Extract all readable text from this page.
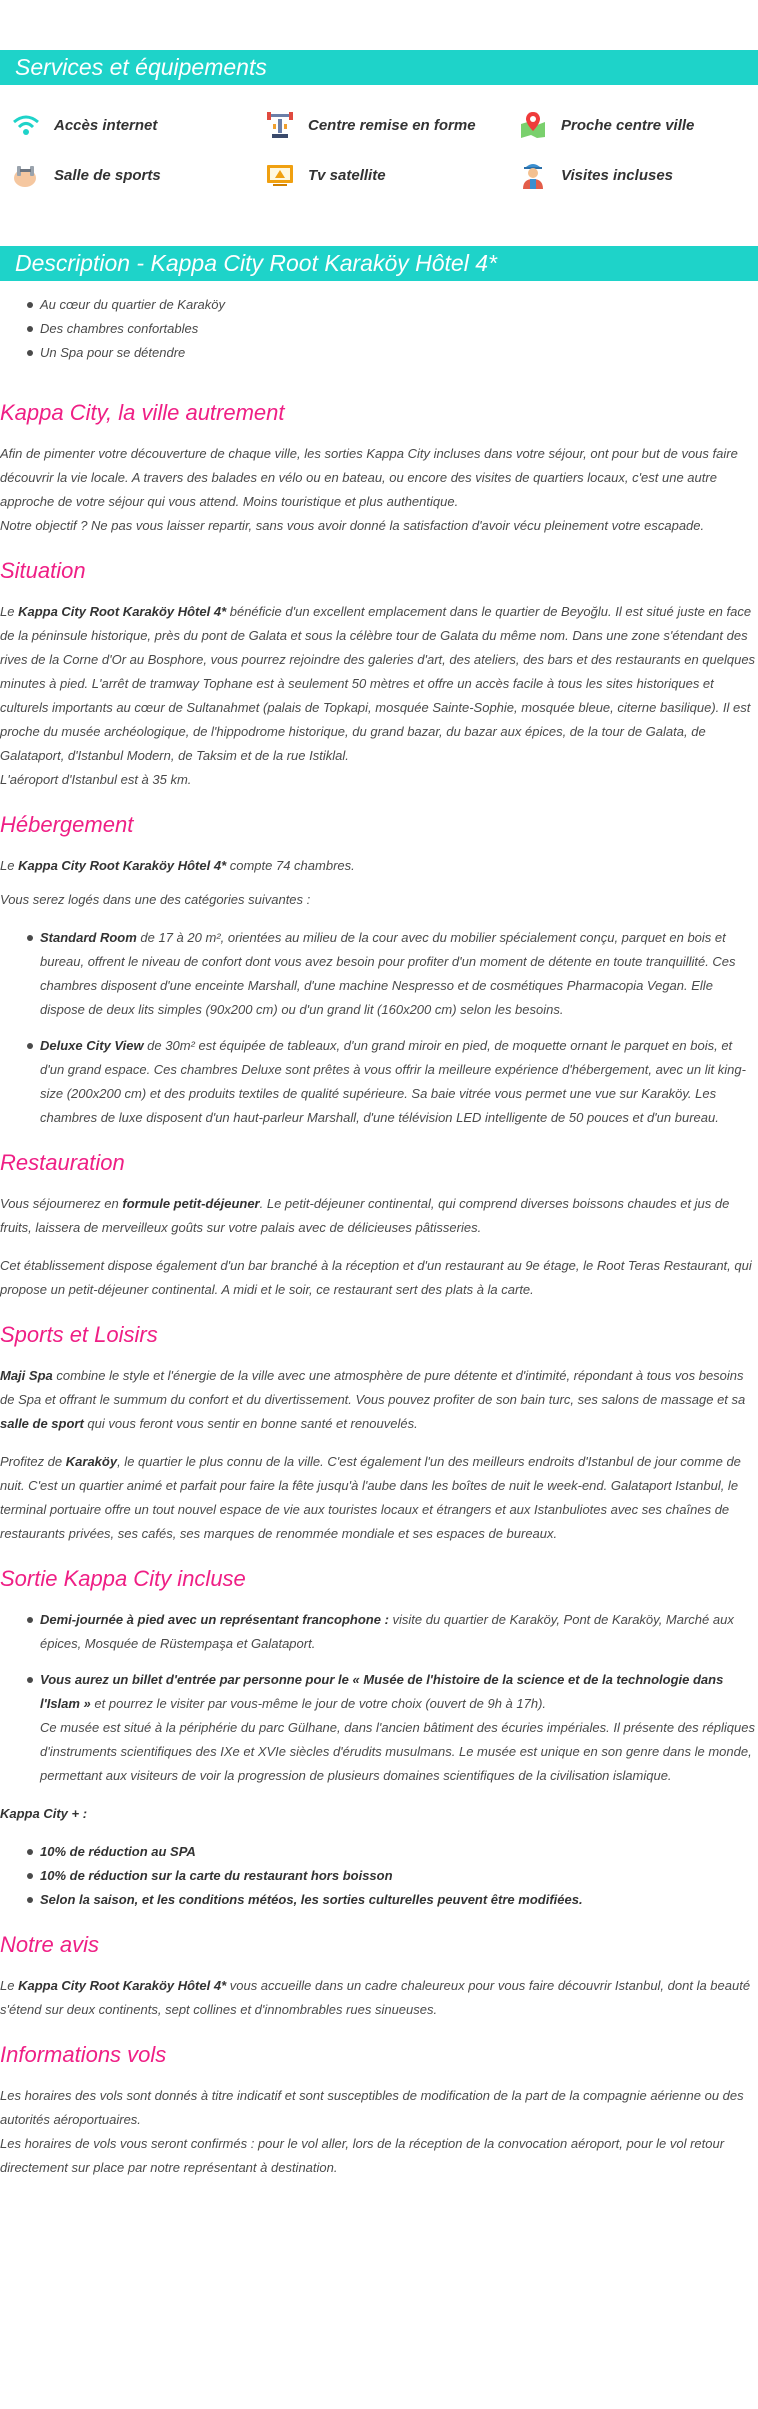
Services et équipements
Accès internet	Centre remise en forme	Proche centre ville
Salle de sports	Tv satellite	Visites incluses
Description - Kappa City Root Karaköy Hôtel 4*
Au cœur du quartier de Karaköy
Des chambres confortables
Un Spa pour se détendre
Kappa City, la ville autrement

Afin de pimenter votre découverture de chaque ville, les sorties Kappa City incluses dans votre séjour, ont pour but de vous faire découvrir la vie locale. A travers des balades en vélo ou en bateau, ou encore des visites de quartiers locaux, c'est une autre approche de votre séjour qui vous attend. Moins touristique et plus authentique.

Notre objectif ? Ne pas vous laisser repartir, sans vous avoir donné la satisfaction d'avoir vécu pleinement votre escapade.

Situation

Le Kappa City Root Karaköy Hôtel 4* bénéficie d'un excellent emplacement dans le quartier de Beyoğlu. Il est situé juste en face de la péninsule historique, près du pont de Galata et sous la célèbre tour de Galata du même nom. Dans une zone s'étendant des rives de la Corne d'Or au Bosphore, vous pourrez rejoindre des galeries d'art, des ateliers, des bars et des restaurants en quelques minutes à pied. L'arrêt de tramway Tophane est à seulement 50 mètres et offre un accès facile à tous les sites historiques et culturels importants au cœur de Sultanahmet (palais de Topkapi, mosquée Sainte-Sophie, mosquée bleue, citerne basilique). Il est proche du musée archéologique, de l'hippodrome historique, du grand bazar, du bazar aux épices, de la tour de Galata, de Galataport, d'Istanbul Modern, de Taksim et de la rue Istiklal.

L'aéroport d'Istanbul est à 35 km.

Hébergement

Le Kappa City Root Karaköy Hôtel 4* compte 74 chambres.

Vous serez logés dans une des catégories suivantes :

Standard Room de 17 à 20 m², orientées au milieu de la cour avec du mobilier spécialement conçu, parquet en bois et bureau, offrent le niveau de confort dont vous avez besoin pour profiter d'un moment de détente en toute tranquillité. Ces chambres disposent d'une enceinte Marshall, d'une machine Nespresso et de cosmétiques Pharmacopia Vegan. Elle dispose de deux lits simples (90x200 cm) ou d'un grand lit (160x200 cm) selon les besoins.
Deluxe City View de 30m² est équipée de tableaux, d'un grand miroir en pied, de moquette ornant le parquet en bois, et d'un grand espace. Ces chambres Deluxe sont prêtes à vous offrir la meilleure expérience d'hébergement, avec un lit king-size (200x200 cm) et des produits textiles de qualité supérieure. Sa baie vitrée vous permet une vue sur Karaköy. Les chambres de luxe disposent d'un haut-parleur Marshall, d'une télévision LED intelligente de 50 pouces et d'un bureau.
Restauration

Vous séjournerez en formule petit-déjeuner. Le petit-déjeuner continental, qui comprend diverses boissons chaudes et jus de fruits, laissera de merveilleux goûts sur votre palais avec de délicieuses pâtisseries.

Cet établissement dispose également d'un bar branché à la réception et d'un restaurant au 9e étage, le Root Teras Restaurant, qui propose un petit-déjeuner continental. A midi et le soir, ce restaurant sert des plats à la carte.

Sports et Loisirs

Maji Spa combine le style et l'énergie de la ville avec une atmosphère de pure détente et d'intimité, répondant à tous vos besoins de Spa et offrant le summum du confort et du divertissement. Vous pouvez profiter de son bain turc, ses salons de massage et sa salle de sport qui vous feront vous sentir en bonne santé et renouvelés.

Profitez de Karaköy, le quartier le plus connu de la ville. C'est également l'un des meilleurs endroits d'Istanbul de jour comme de nuit. C'est un quartier animé et parfait pour faire la fête jusqu'à l'aube dans les boîtes de nuit le week-end. Galataport Istanbul, le terminal portuaire offre un tout nouvel espace de vie aux touristes locaux et étrangers et aux Istanbuliotes avec ses chaînes de restaurants privées, ses cafés, ses marques de renommée mondiale et ses espaces de bureaux.

Sortie Kappa City incluse
Demi-journée à pied avec un représentant francophone : visite du quartier de Karaköy, Pont de Karaköy, Marché aux épices, Mosquée de Rüstempaşa et Galataport.
Vous aurez un billet d'entrée par personne pour le « Musée de l'histoire de la science et de la technologie dans l'Islam » et pourrez le visiter par vous-même le jour de votre choix (ouvert de 9h à 17h).
Ce musée est situé à la périphérie du parc Gülhane, dans l'ancien bâtiment des écuries impériales. Il présente des répliques d'instruments scientifiques des IXe et XVIe siècles d'érudits musulmans. Le musée est unique en son genre dans le monde, permettant aux visiteurs de voir la progression de plusieurs domaines scientifiques de la civilisation islamique.

Kappa City + :

10% de réduction au SPA
10% de réduction sur la carte du restaurant hors boisson
Selon la saison, et les conditions météos, les sorties culturelles peuvent être modifiées.
Notre avis

Le Kappa City Root Karaköy Hôtel 4* vous accueille dans un cadre chaleureux pour vous faire découvrir Istanbul, dont la beauté s'étend sur deux continents, sept collines et d'innombrables rues sinueuses.

Informations vols

Les horaires des vols sont donnés à titre indicatif et sont susceptibles de modification de la part de la compagnie aérienne ou des autorités aéroportuaires.

Les horaires de vols vous seront confirmés : pour le vol aller, lors de la réception de la convocation aéroport, pour le vol retour directement sur place par notre représentant à destination.
